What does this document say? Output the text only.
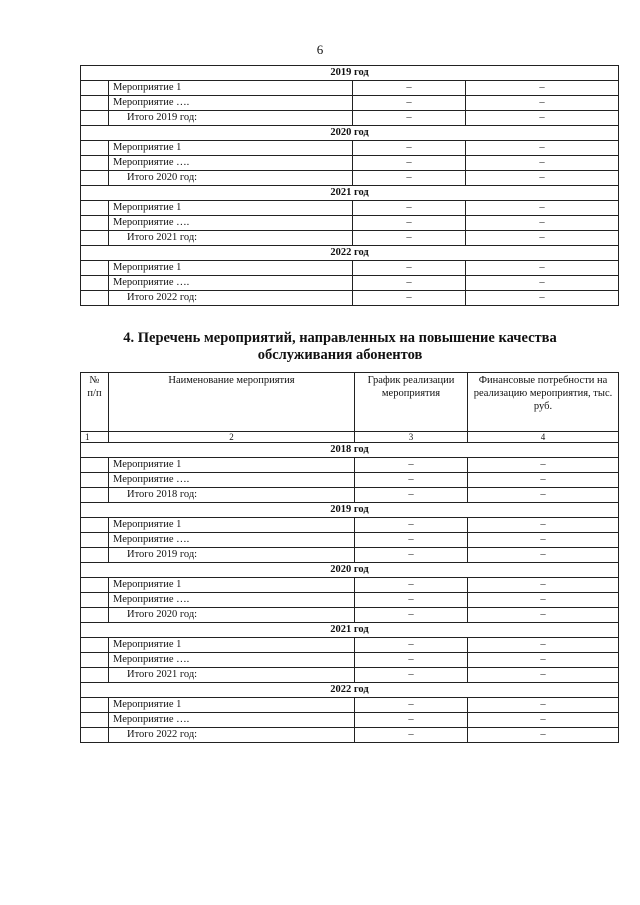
6
2019 год			
	Мероприятие 1	–	–
	Мероприятие ….	–	–
	Итого 2019 год:	–	–
2020 год			
	Мероприятие 1	–	–
	Мероприятие ….	–	–
	Итого 2020 год:	–	–
2021 год			
	Мероприятие 1	–	–
	Мероприятие ….	–	–
	Итого 2021 год:	–	–
2022 год			
	Мероприятие 1	–	–
	Мероприятие ….	–	–
	Итого 2022 год:	–	–
4. Перечень мероприятий, направленных на повышение качества
обслуживания абонентов
№ п/п	Наименование мероприятия	График реализации мероприятия	Финансовые потребности на реализацию мероприятия, тыс. руб.
1	2	3	4
2018 год			
	Мероприятие 1	–	–
	Мероприятие ….	–	–
	Итого 2018 год:	–	–
2019 год			
	Мероприятие 1	–	–
	Мероприятие ….	–	–
	Итого 2019 год:	–	–
2020 год			
	Мероприятие 1	–	–
	Мероприятие ….	–	–
	Итого 2020 год:	–	–
2021 год			
	Мероприятие 1	–	–
	Мероприятие ….	–	–
	Итого 2021 год:	–	–
2022 год			
	Мероприятие 1	–	–
	Мероприятие ….	–	–
	Итого 2022 год:	–	–
